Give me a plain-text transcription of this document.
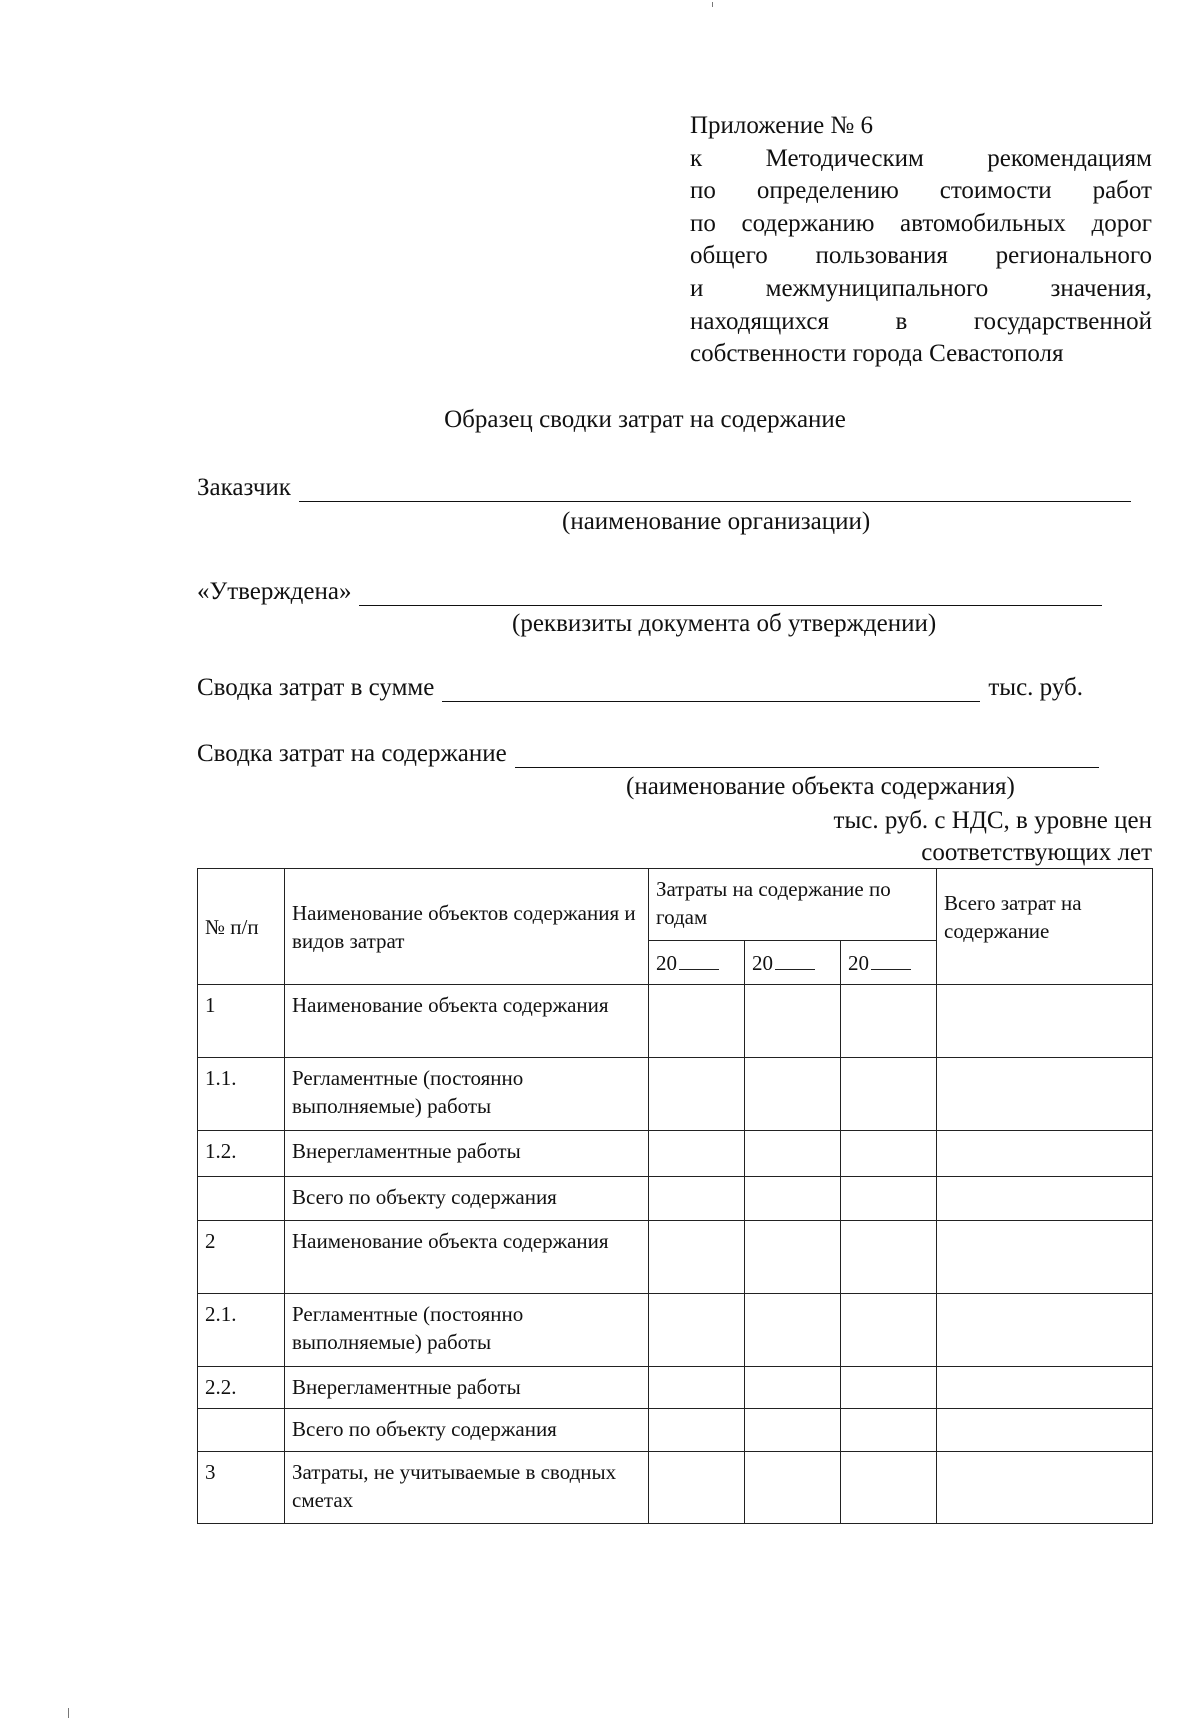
Приложение № 6
к Методическим рекомендациям
по определению стоимости работ
по содержанию автомобильных дорог
общего пользования регионального
и межмуниципального значения,
находящихся в государственной
собственности города Севастополя
Образец сводки затрат на содержание
Заказчик
(наименование организации)
«Утверждена»
(реквизиты документа об утверждении)
Сводка затрат в сумме	тыс. руб.
Сводка затрат на содержание
(наименование объекта содержания)
тыс. руб. с НДС, в уровне цен
соответствующих лет
№ п/п	Наименование объектов содержания и видов затрат	Затраты на содержание по годам			Всего затрат на содержание
		20	20	20	
1	Наименование объекта содержания				
1.1.	Регламентные (постоянно выполняемые) работы				
1.2.	Внерегламентные работы				
	Всего по объекту содержания				
2	Наименование объекта содержания				
2.1.	Регламентные (постоянно выполняемые) работы				
2.2.	Внерегламентные работы				
	Всего по объекту содержания				
3	Затраты, не учитываемые в сводных сметах				
